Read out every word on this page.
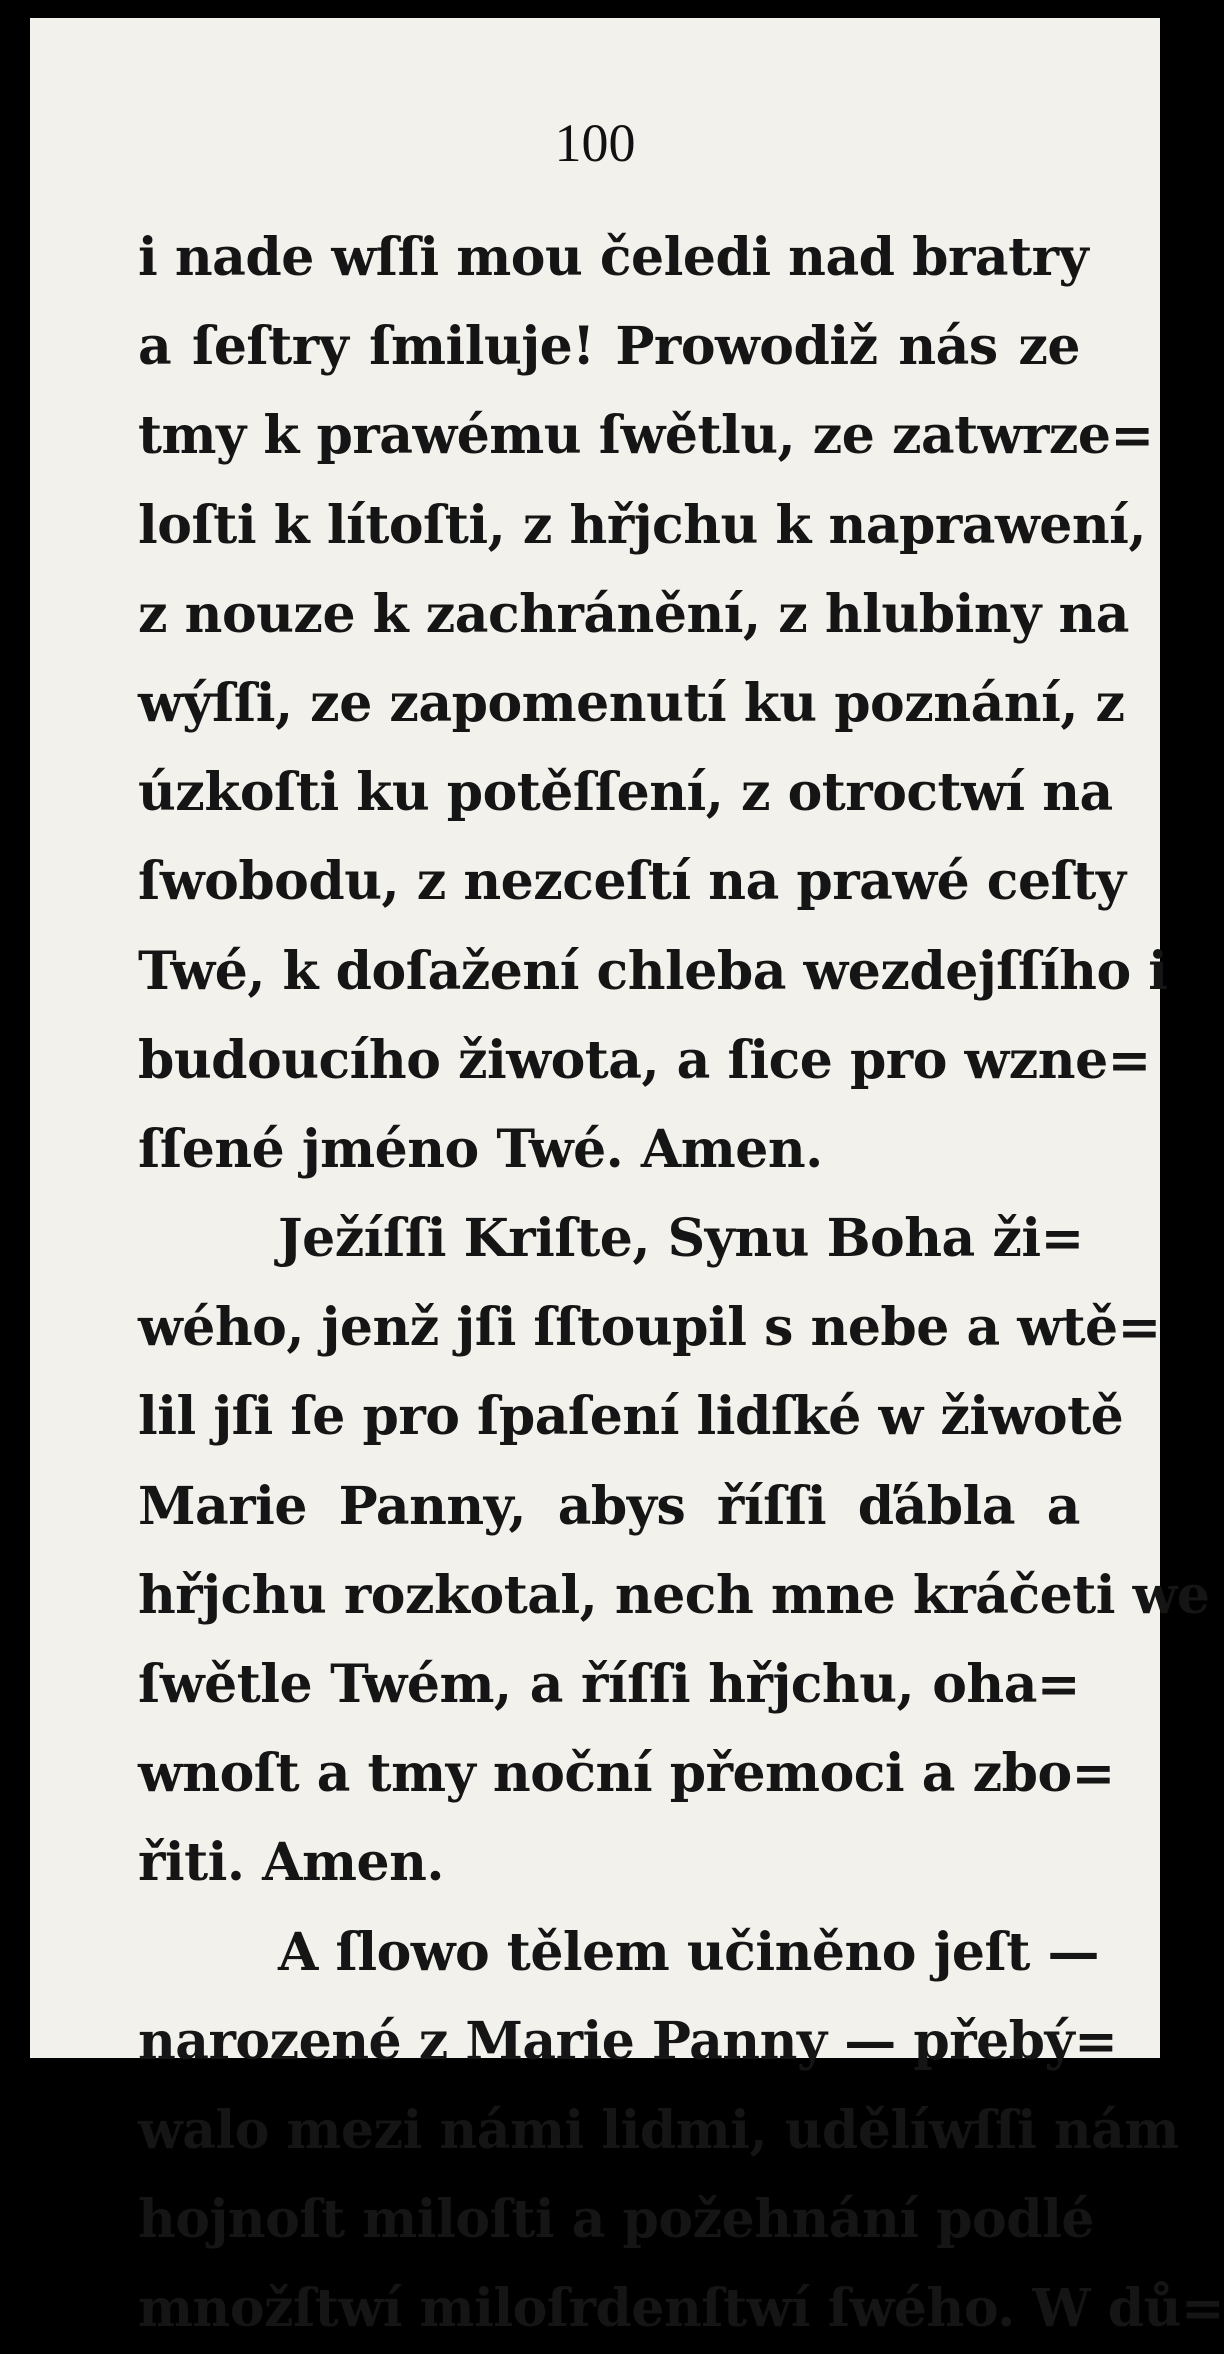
100

i nade wſſi mou čeledi nad bratry
a ſeſtry ſmiluje! Prowodiž nás ze
tmy k prawému ſwětlu, ze zatwrze=
loſti k lítoſti, z hřjchu k naprawení,
z nouze k zachránění, z hlubiny na
wýſſi, ze zapomenutí ku poznání, z
úzkoſti ku potěſſení, z otroctwí na
ſwobodu, z nezceſtí na prawé ceſty
Twé, k doſažení chleba wezdejſſího i
budoucího žiwota, a ſice pro wzne=
ſſené jméno Twé. Amen.
Ježíſſi Kriſte, Synu Boha ži=
wého, jenž jſi ſſtoupil s nebe a wtě=
lil jſi ſe pro ſpaſení lidſké w žiwotě
Marie Panny, abys říſſi ďábla a
hřjchu rozkotal, nech mne kráčeti we
ſwětle Twém, a říſſi hřjchu, oha=
wnoſt a tmy noční přemoci a zbo=
řiti. Amen.
A ſlowo tělem učiněno jeſt —
narozené z Marie Panny — přebý=
walo mezi námi lidmi, udělíwſſi nám
hojnoſt miloſti a požehnání podlé
množſtwí miloſrdenſtwí ſwého. W dů=
